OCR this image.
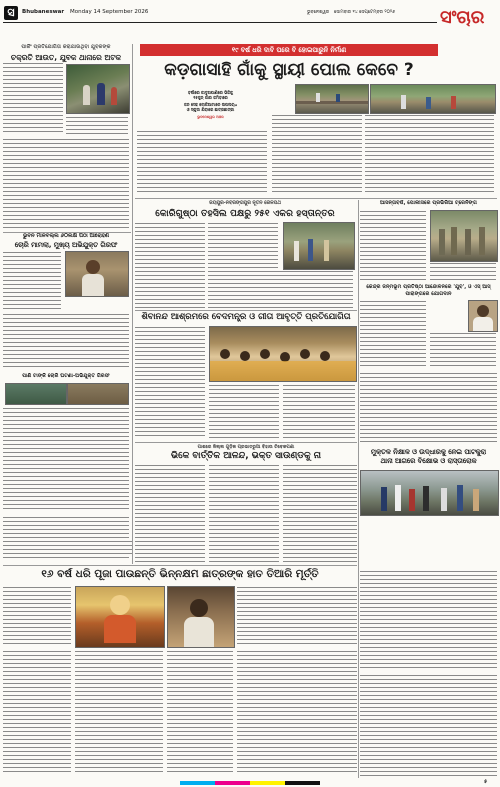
ସ	Bhubaneswar Monday 14 September 2026	ଭୁବନେଶ୍ୱର ସୋମବାର ୧୪ ସେପ୍ଟେମ୍ବର ୨୦୨୬	ସଂଚାର
ପାର୍କିଂ ପ୍ରତିଯୋଗିତା କରାଯାଉଥିବା ଯୁବକଙ୍କ
ଚକ୍ରତି ଆଉତ, ଯୁବକ ଥାନାରେ ଅଟକ
୧୯ ବର୍ଷ ଧରି ଦାବି ପରେ ବି ହୋଇପାରୁନି ନିର୍ମାଣ
କଡ଼ଗାସାହି ଗାଁକୁ ସ୍ଥାୟୀ ପୋଲ କେବେ ?
ବର୍ଷାରେ କାଦୁଅପାଣିରେ ଭିଜିକୁ
୧୫ଜୁନ୍ ଗାଁର ଜମିବାରେ
ଜନ ସେହ ଲୋକିଆମାନେ ଉପଲବ୍ଧ
ଓ ସ୍କୁଲ ଯିବାରେ ଛାତ୍ରଛାତ୍ରୀ
ଭୁବନେଶ୍ୱର ଅଞ୍ଚଳ
ଭୁବନ ମାଳବଲ୍ଲ ୬୦ଲକ୍ଷ ପିଠା ଆରୋହଣ
ଚୋରି ମାମଲା, ମୁଖ୍ୟ ଅଭିଯୁକ୍ତ ଗିରଫ
ପାଣି ଟାଙ୍କି ଚୋରି ଘଟଣା-ଅଭିଯୁକ୍ତ ଗିରଫ
ଜୟପୁର-ନବରଙ୍ଗପୁର ନୂତନ ରେଳପଥ
କୋରିଗୁଷ୍ଠା ତହସିଲ ପକ୍ଷରୁ ୨୫୧ ଏକର ହସ୍ତାନ୍ତର
ଆସନ୍ତାବର୍ଷ, ପୋଲୀସରେ ପ୍ରଭିରିଆ ଟ୍ରେନିଙ୍ଗ
କେନ୍ଦ୍ର ଜନ୍ମଭୂମ ପ୍ରତିଷ୍ଠା ଆନ୍ଦୋଳନରେ 'ଯୁବ', ଓ ଏସ୍ ଆସ୍ ପାରାଙ୍ଗରେ ଯୋଗଦାନ
ଶିବାନନ୍ଦ ଆଶ୍ରମରେ ବେଦମନ୍ତ୍ର ଓ ଗୀତା ଆବୃତ୍ତି ପ୍ରତିଯୋଗିତା
ପାଶରେ ଜିଲ୍ଲ ଗୁଡ଼ିକ ପ୍ରଭାତରୁଆ ବିହାଉ ଚିବେକପଣା
ଭିକେ ବାର୍ତ୍ତିକ ଆଳନ୍ଦ, ଭକ୍ତ ସାଉଣ୍ଡକୁ ନା	ମୁକ୍ତଳ ନିକ୍ଷାଳ ଓ ଉଦ୍ଧାରକୁ ନେଇ ପାଟକୁରା
ଥାନା ଆଗରେ ବିକ୍ଷୋଭ ଓ ରାସ୍ତାରୋକ
୧୬ ବର୍ଷ ଧରି ପୂଜା ପାଉଛନ୍ତି ଭିନ୍ନକ୍ଷମ ଛାତ୍ରଙ୍କ ହାତ ତିଆରି ମୂର୍ତ୍ତି
୫
